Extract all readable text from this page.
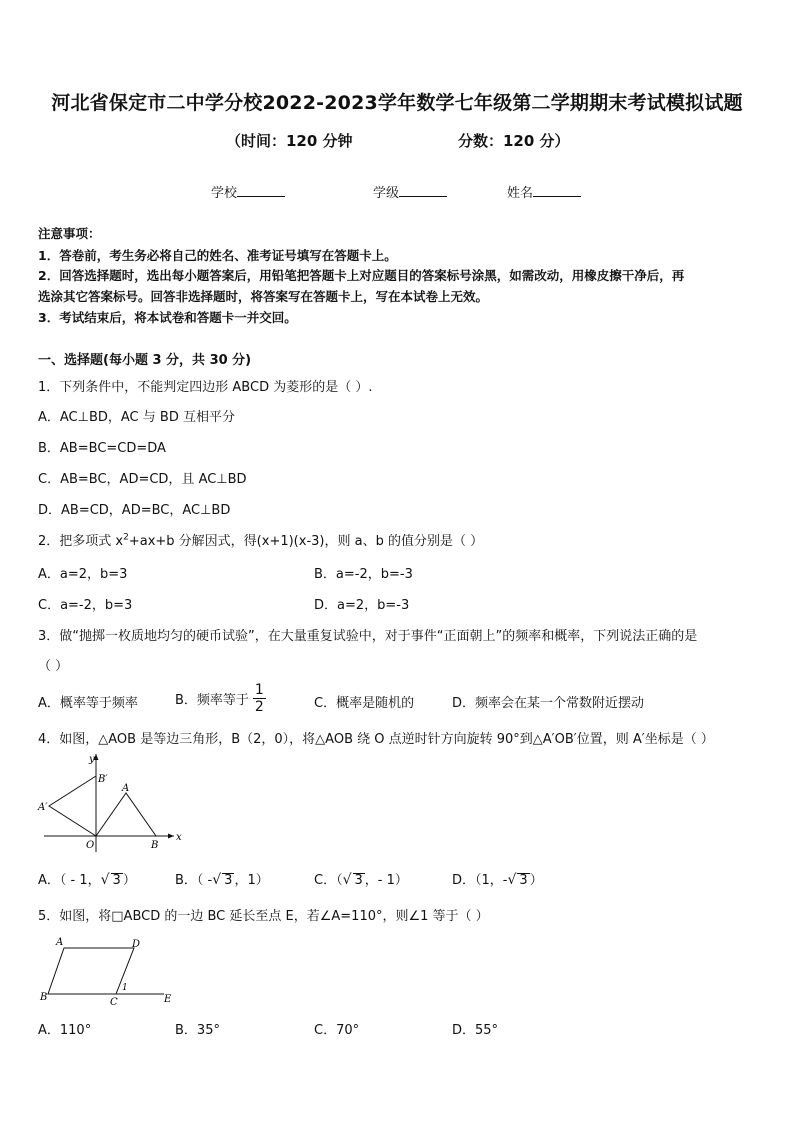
河北省保定市二中学分校2022-2023学年数学七年级第二学期期末考试模拟试题
（时间：120 分钟	分数：120 分）
学校	学级	姓名
注意事项：
1．答卷前，考生务必将自己的姓名、准考证号填写在答题卡上。
2．回答选择题时，选出每小题答案后，用铅笔把答题卡上对应题目的答案标号涂黑，如需改动，用橡皮擦干净后，再
选涂其它答案标号。回答非选择题时，将答案写在答题卡上，写在本试卷上无效。
3．考试结束后，将本试卷和答题卡一并交回。
一、选择题(每小题 3 分，共 30 分)
1．下列条件中，不能判定四边形 ABCD 为菱形的是（ ）.
A．AC⊥BD，AC 与 BD 互相平分
B．AB=BC=CD=DA
C．AB=BC，AD=CD，且 AC⊥BD
D．AB=CD，AD=BC，AC⊥BD
2．把多项式 $x^2+ax+b$ 分解因式，得(x+1)(x-3)，则 a、b 的值分别是（ ）
A．a=2，b=3	B．a=-2，b=-3
C．a=-2，b=3	D．a=2，b=-3
3．做“抛掷一枚质地均匀的硬币试验”，在大量重复试验中，对于事件“正面朝上”的频率和概率，下列说法正确的是
（ ）
A．概率等于频率	B．频率等于 $\frac{1}{2}$	C．概率是随机的	D．频率会在某一个常数附近摆动
4．如图，△AOB 是等边三角形，B（2，0），将△AOB 绕 O 点逆时针方向旋转 90°到△A′OB′位置，则 A′坐标是（ ）
y
x
B′
A
A′
O	B
A．（ - 1，√ 3 ）	B．（ -√ 3 ，1）	C．（√ 3 ，- 1）	D．（1，-√ 3 ）
5．如图，将□ABCD 的一边 BC 延长至点 E，若∠A=110°，则∠1 等于（ ）
A	D
B	C	E
1
A．110°	B．35°	C．70°	D．55°
